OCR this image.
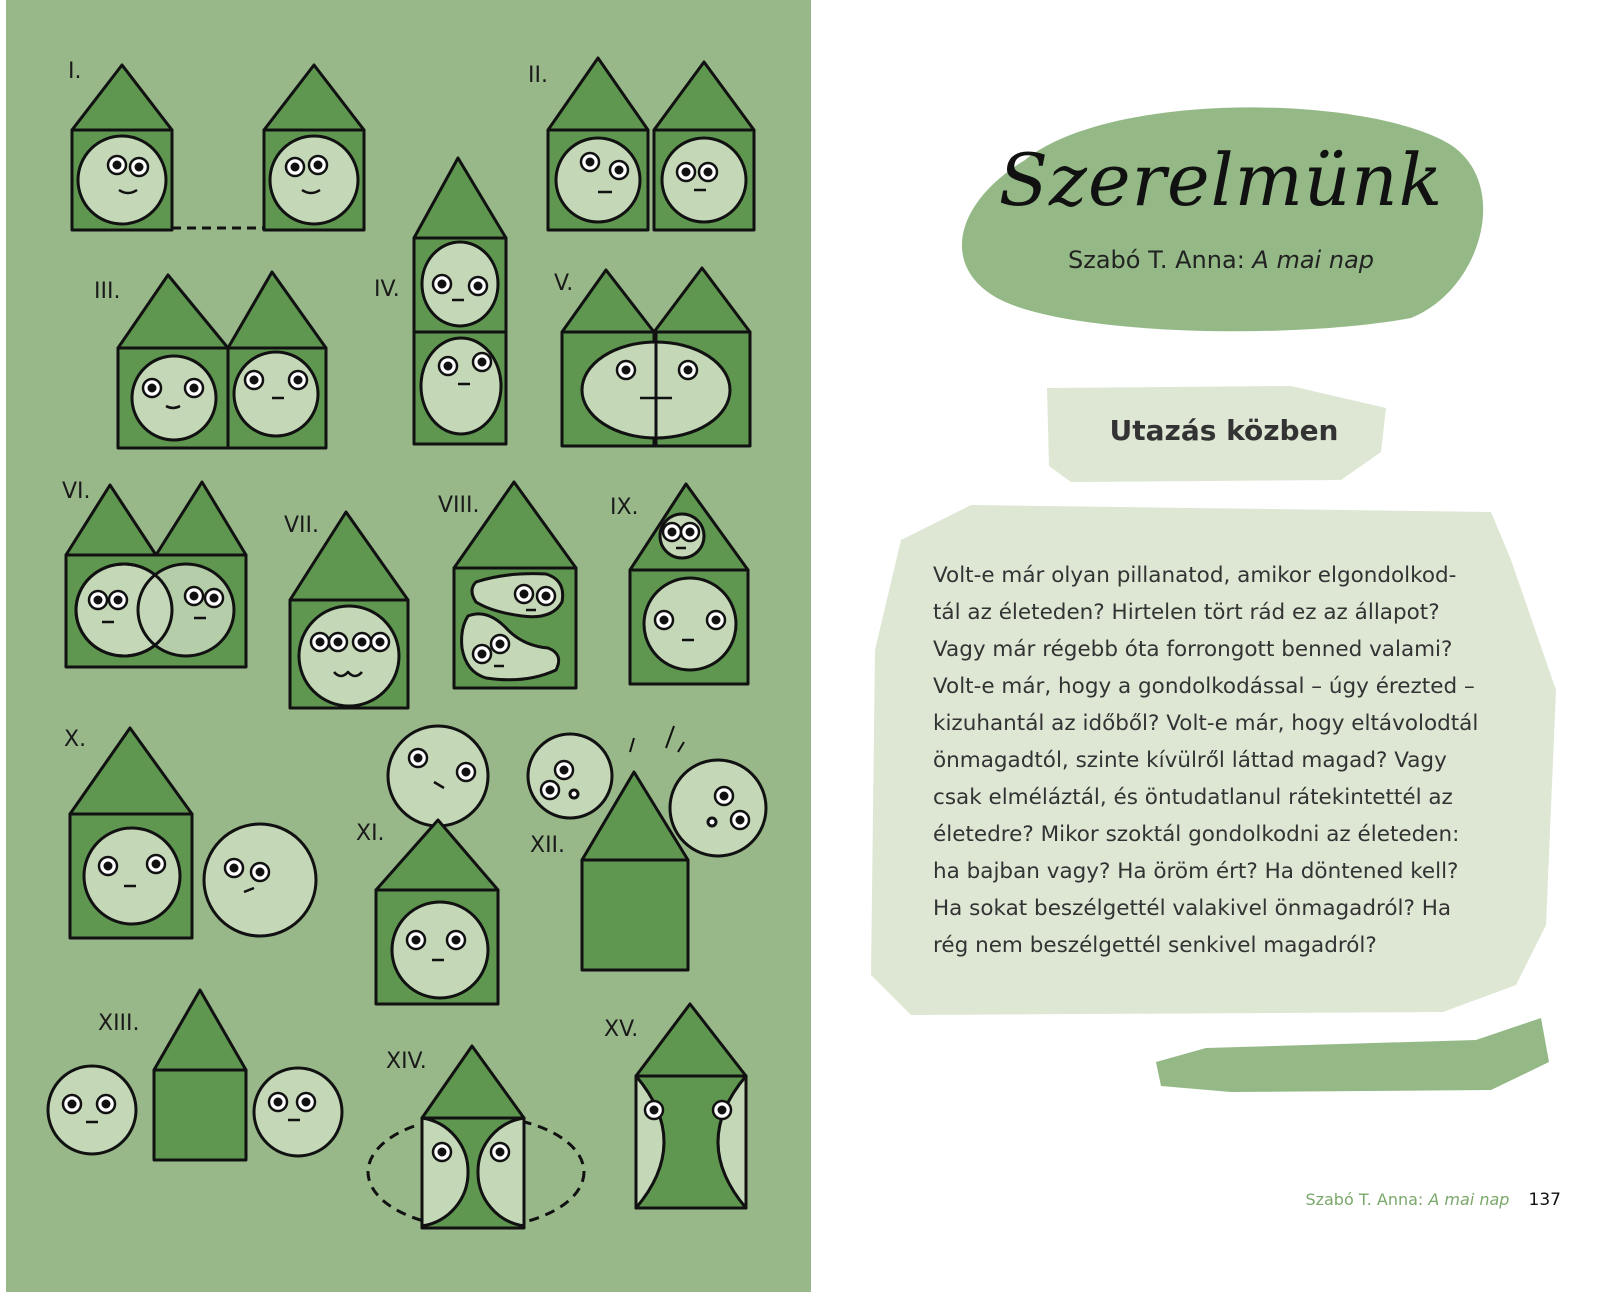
I.	II.
III.	IV.	V.
VI.
VII.
VIII.	IX.
X.
XI.	XII.
XIII.
XIV.
XV.
Szerelmünk
Szabó T. Anna: A mai nap
Utazás közben
Volt-e már olyan pillanatod, amikor elgondolkod-
tál az életeden? Hirtelen tört rád ez az állapot?
Vagy már régebb óta forrongott benned valami?
Volt-e már, hogy a gondolkodással – úgy érezted –
kizuhantál az időből? Volt-e már, hogy eltávolodtál
önmagadtól, szinte kívülről láttad magad? Vagy
csak elméláztál, és öntudatlanul rátekintettél az
életedre? Mikor szoktál gondolkodni az életeden:
ha bajban vagy? Ha öröm ért? Ha döntened kell?
Ha sokat beszélgettél valakivel önmagadról? Ha
rég nem beszélgettél senkivel magadról?
Szabó T. Anna: A mai nap 137
